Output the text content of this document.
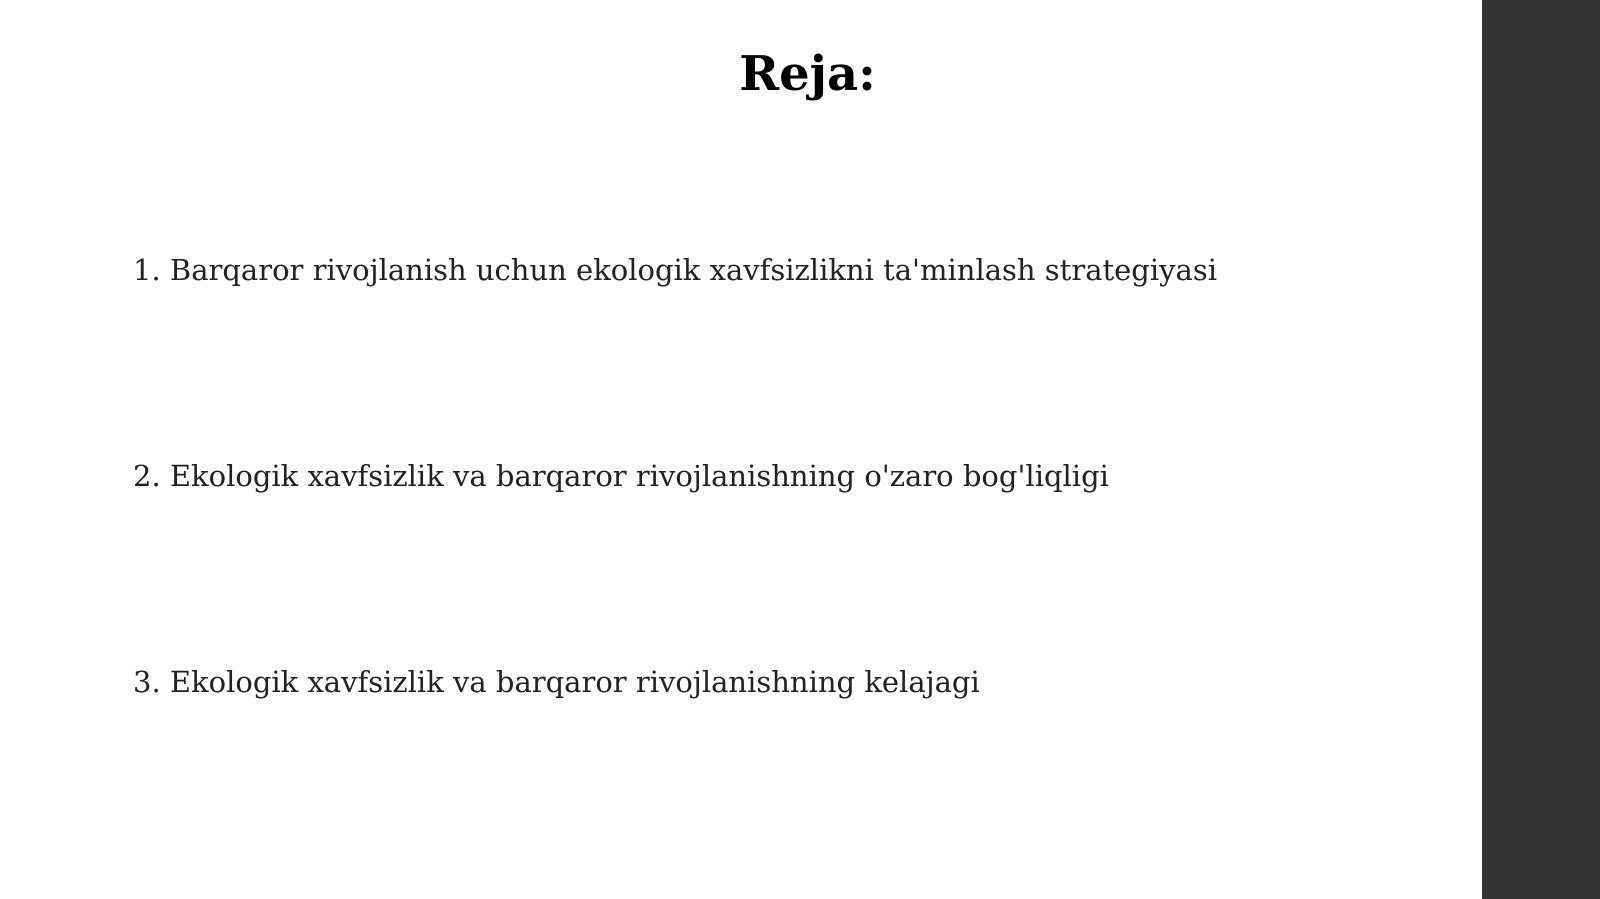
Reja:
1. Barqaror rivojlanish uchun ekologik xavfsizlikni ta'minlash strategiyasi
2. Ekologik xavfsizlik va barqaror rivojlanishning o'zaro bog'liqligi
3. Ekologik xavfsizlik va barqaror rivojlanishning kelajagi
